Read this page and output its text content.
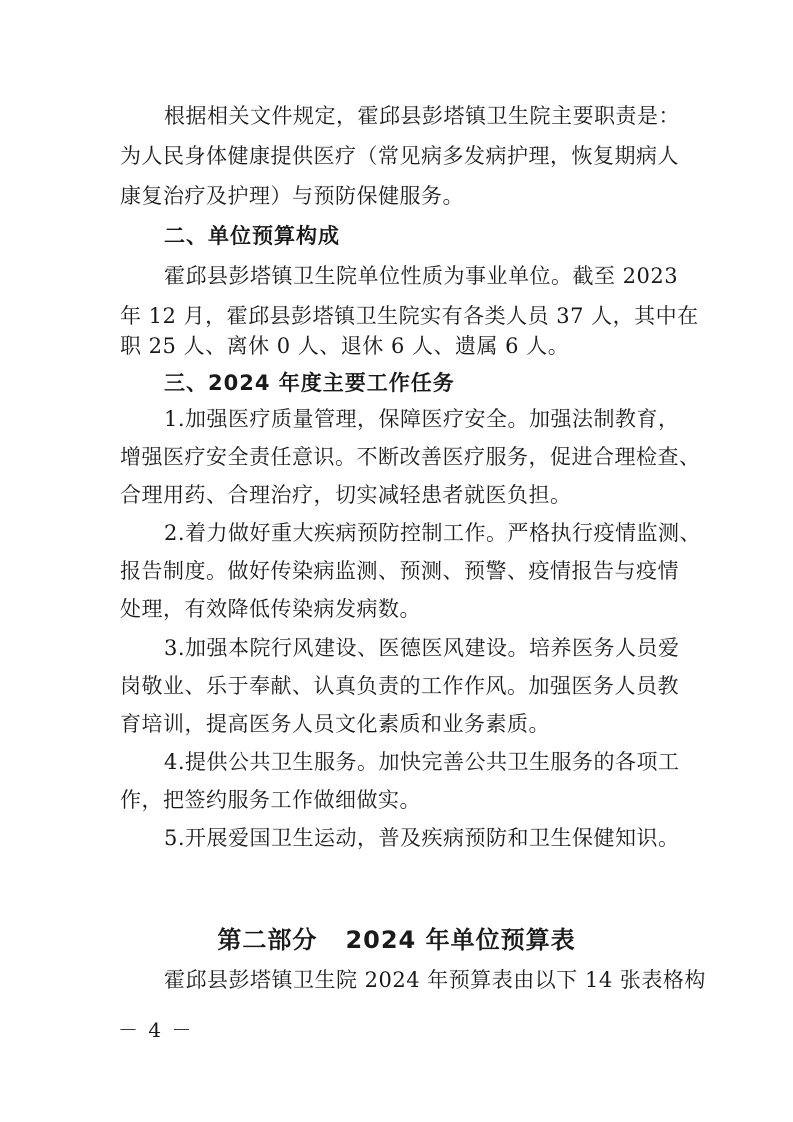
根据相关文件规定，霍邱县彭塔镇卫生院主要职责是：

为人民身体健康提供医疗（常见病多发病护理，恢复期病人

康复治疗及护理）与预防保健服务。

二、单位预算构成

霍邱县彭塔镇卫生院单位性质为事业单位。截至 2023

年 12 月，霍邱县彭塔镇卫生院实有各类人员 37 人，其中在

职 25 人、离休 0 人、退休 6 人、遗属 6 人。

三、2024 年度主要工作任务

1.加强医疗质量管理，保障医疗安全。加强法制教育，

增强医疗安全责任意识。不断改善医疗服务，促进合理检查、

合理用药、合理治疗，切实减轻患者就医负担。

2.着力做好重大疾病预防控制工作。严格执行疫情监测、

报告制度。做好传染病监测、预测、预警、疫情报告与疫情

处理，有效降低传染病发病数。

3.加强本院行风建设、医德医风建设。培养医务人员爱

岗敬业、乐于奉献、认真负责的工作作风。加强医务人员教

育培训，提高医务人员文化素质和业务素质。

4.提供公共卫生服务。加快完善公共卫生服务的各项工

作，把签约服务工作做细做实。

5.开展爱国卫生运动，普及疾病预防和卫生保健知识。

第二部分   2024 年单位预算表

霍邱县彭塔镇卫生院 2024 年预算表由以下 14 张表格构

－ 4 －
